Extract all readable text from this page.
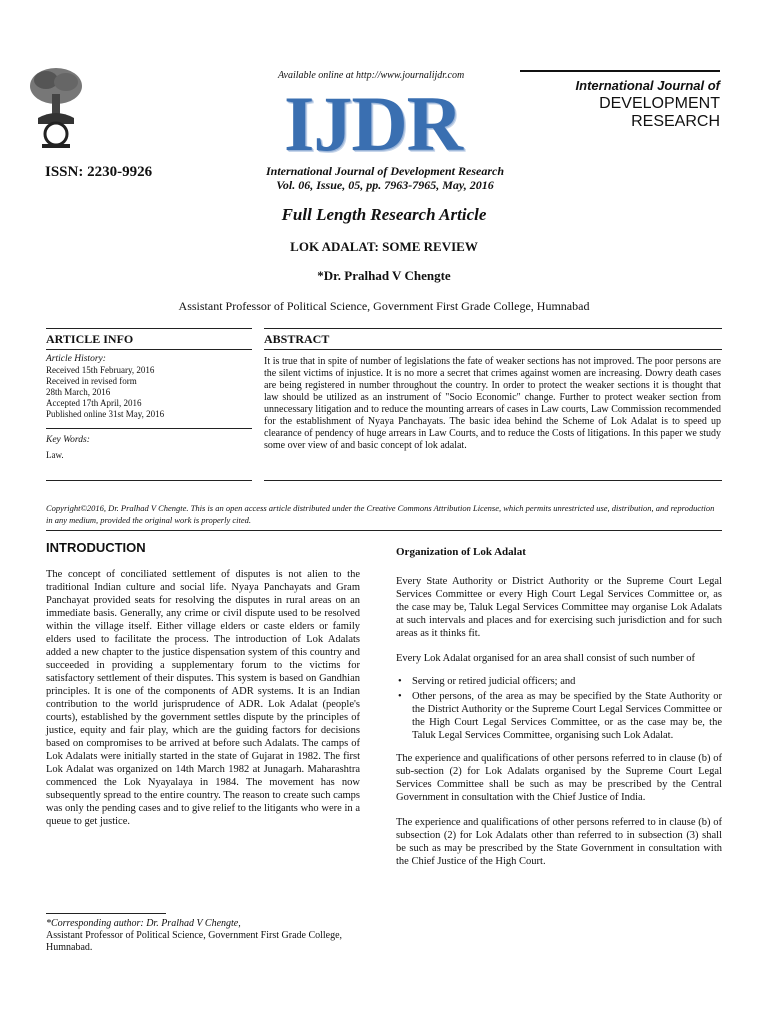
Available online at http://www.journalijdr.com
IJDR	International Journal of
DEVELOPMENT RESEARCH
ISSN: 2230-9926	International Journal of Development Research
Vol. 06, Issue, 05, pp. 7963-7965, May, 2016
Full Length Research Article
LOK ADALAT: SOME REVIEW
*Dr. Pralhad V Chengte
Assistant Professor of Political Science, Government First Grade College, Humnabad
ARTICLE INFO	ABSTRACT
Article History:
Received 15th February, 2016
Received in revised form
28th March, 2016
Accepted 17th April, 2016
Published online 31st May, 2016
Key Words:
Law.
It is true that in spite of number of legislations the fate of weaker sections has not improved. The poor persons are the silent victims of injustice. It is no more a secret that crimes against women are increasing. Dowry death cases are being registered in number throughout the country. In order to protect the weaker sections it is thought that law should be utilized as an instrument of "Socio Economic" change. Further to protect weaker section from unnecessary litigation and to reduce the mounting arrears of cases in Law courts, Law Commission recommended for the establishment of Nyaya Panchayats. The basic idea behind the Scheme of Lok Adalat is to speed up clearance of pendency of huge arrears in Law Courts, and to reduce the Costs of litigations. In this paper we study some over view of and basic concept of lok adalat.
Copyright©2016, Dr. Pralhad V Chengte. This is an open access article distributed under the Creative Commons Attribution License, which permits unrestricted use, distribution, and reproduction in any medium, provided the original work is properly cited.
INTRODUCTION

The concept of conciliated settlement of disputes is not alien to the traditional Indian culture and social life. Nyaya Panchayats and Gram Panchayat provided seats for resolving the disputes in rural areas on an immediate basis. Generally, any crime or civil dispute used to be resolved within the village itself. Either village elders or caste elders or family elders used to facilitate the process. The introduction of Lok Adalats added a new chapter to the justice dispensation system of this country and succeeded in providing a supplementary forum to the victims for satisfactory settlement of their disputes. This system is based on Gandhian principles. It is one of the components of ADR systems. It is an Indian contribution to the world jurisprudence of ADR. Lok Adalat (people's courts), established by the government settles dispute by the principles of justice, equity and fair play, which are the guiding factors for decisions based on compromises to be arrived at before such Adalats. The camps of Lok Adalats were initially started in the state of Gujarat in 1982. The first Lok Adalat was organized on 14th March 1982 at Junagarh. Maharashtra commenced the Lok Nyayalaya in 1984. The movement has now subsequently spread to the entire country. The reason to create such camps was only the pending cases and to give relief to the litigants who were in a queue to get justice.

*Corresponding author: Dr. Pralhad V Chengte,
Assistant Professor of Political Science, Government First Grade College, Humnabad.
Organization of Lok Adalat

Every State Authority or District Authority or the Supreme Court Legal Services Committee or every High Court Legal Services Committee or, as the case may be, Taluk Legal Services Committee may organise Lok Adalats at such intervals and places and for exercising such jurisdiction and for such areas as it thinks fit.

Every Lok Adalat organised for an area shall consist of such number of

• Serving or retired judicial officers; and
• Other persons, of the area as may be specified by the State Authority or the District Authority or the Supreme Court Legal Services Committee or the High Court Legal Services Committee, or as the case may be, the Taluk Legal Services Committee, organising such Lok Adalat.

The experience and qualifications of other persons referred to in clause (b) of sub-section (2) for Lok Adalats organised by the Supreme Court Legal Services Committee shall be such as may be prescribed by the Central Government in consultation with the Chief Justice of India.

The experience and qualifications of other persons referred to in clause (b) of subsection (2) for Lok Adalats other than referred to in subsection (3) shall be such as may be prescribed by the State Government in consultation with the Chief Justice of the High Court.
